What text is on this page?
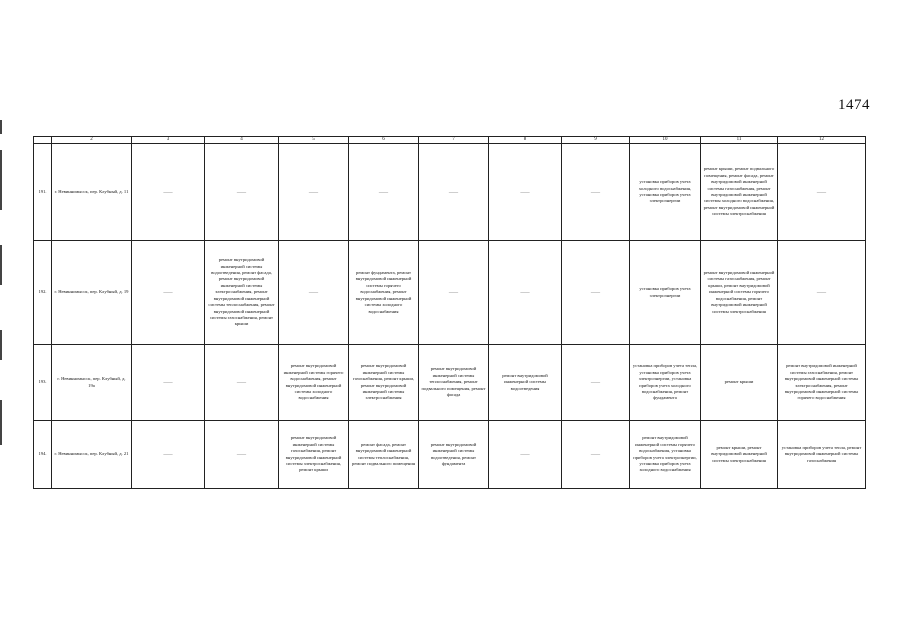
1474
	2	3	4	5	6	7	8	9	10	11	12
191.	г. Невинномысск, пер. Клубный, д. 11	——	——	——	——	——	——	——	установка приборов учета холодного водоснабжения, установка приборов учета электроэнергии	ремонт крыши, ремонт подвального помещения, ремонт фасада, ремонт внутридомовой инженерной системы газоснабжения, ремонт внутридомовой инженерной системы холодного водоснабжения, ремонт внутридомовой инженерной системы электроснабжения	——
192.	г. Невинномысск, пер. Клубный, д. 19	——	ремонт внутридомовой инженерной системы водоотведения, ремонт фасада, ремонт внутридомовой инженерной системы электроснабжения, ремонт внутридомовой инженерной системы теплоснабжения, ремонт внутридомовой инженерной системы газоснабжения, ремонт крыши	——	ремонт фундамента, ремонт внутридомовой инженерной системы горячего водоснабжения, ремонт внутридомовой инженерной системы холодного водоснабжения	——	——	——	установка приборов учета электроэнергии	ремонт внутридомовой инженерной системы газоснабжения, ремонт крыши, ремонт внутридомовой инженерной системы горячего водоснабжения, ремонт внутридомовой инженерной системы электроснабжения	——
193.	г. Невинномысск, пер. Клубный, д. 19а	——	——	ремонт внутридомовой инженерной системы горячего водоснабжения, ремонт внутридомовой инженерной системы холодного водоснабжения	ремонт внутридомовой инженерной системы газоснабжения, ремонт крыши, ремонт внутридомовой инженерной системы электроснабжения	ремонт внутридомовой инженерной системы теплоснабжения, ремонт подвального помещения, ремонт фасада	ремонт внутридомовой инженерной системы водоотведения	——	установка приборов учета тепла, установка приборов учета электроэнергии, установка приборов учета холодного водоснабжения, ремонт фундамента	ремонт крыши	ремонт внутридомовой инженерной системы газоснабжения, ремонт внутридомовой инженерной системы электроснабжения, ремонт внутридомовой инженерной системы горячего водоснабжения
194.	г. Невинномысск, пер. Клубный, д. 21	——	——	ремонт внутридомовой инженерной системы газоснабжения, ремонт внутридомовой инженерной системы электроснабжения, ремонт крыши	ремонт фасада, ремонт внутридомовой инженерной системы теплоснабжения, ремонт подвального помещения	ремонт внутридомовой инженерной системы водоотведения, ремонт фундамента	——	——	ремонт внутридомовой инженерной системы горячего водоснабжения, установка приборов учета электроэнергии, установка приборов учета холодного водоснабжения	ремонт крыши, ремонт внутридомовой инженерной системы электроснабжения	установка приборов учета тепла, ремонт внутридомовой инженерной системы газоснабжения
